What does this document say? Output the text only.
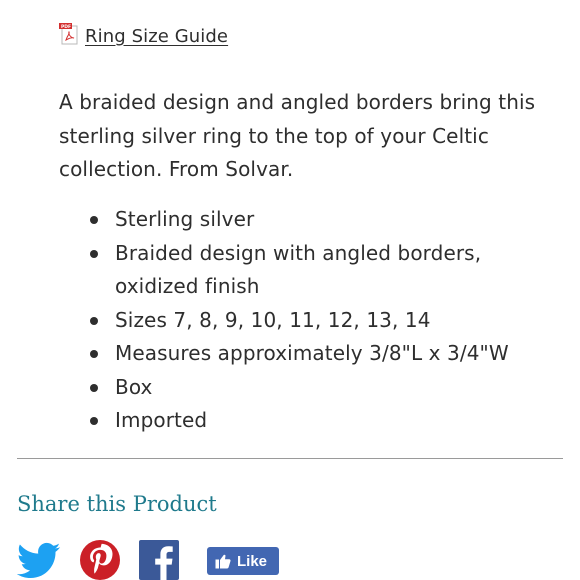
PDF Ring Size Guide

A braided design and angled borders bring this sterling silver ring to the top of your Celtic collection. From Solvar.

Sterling silver
Braided design with angled borders, oxidized finish
Sizes 7, 8, 9, 10, 11, 12, 13, 14
Measures approximately 3/8"L x 3/4"W
Box
Imported
Share this Product
Like
